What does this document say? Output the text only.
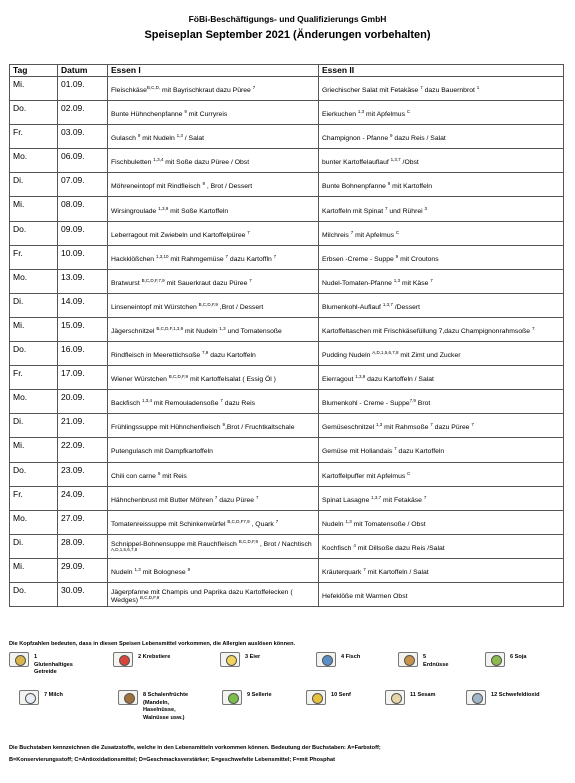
FöBi-Beschäftigungs- und Qualifizierungs GmbH
Speiseplan September 2021 (Änderungen vorbehalten)
Tag	Datum	Essen I	Essen II
Mi.	01.09.	Fleischkäse$^{B,C,D,}$ mit Bayrischkraut dazu Püree $^7$	Griechischer Salat mit Fetakäse $^7$ dazu Bauernbrot $^1$
Do.	02.09.	Bunte Hühnchenpfanne $^9$ mit Curryreis	Eierkuchen $^{1,3}$ mit Apfelmus $^C$
Fr.	03.09.	Gulasch $^9$ mit Nudeln $^{1,3}$ / Salat	Champignon - Pfanne $^9$ dazu Reis / Salat
Mo.	06.09.	Fischbuletten $^{1,3,4}$ mit Soße dazu Püree / Obst	bunter Kartoffelauflauf $^{1,3,7}$ /Obst
Di.	07.09.	Möhreneintopf mit Rindfleisch $^9$ , Brot / Dessert	Bunte Bohnenpfanne $^9$ mit Kartoffeln
Mi.	08.09.	Wirsingroulade $^{1,3,9}$ mit Soße Kartoffeln	Kartoffeln mit Spinat $^7$ und Rührei $^3$
Do.	09.09.	Leberragout mit Zwiebeln und Kartoffelpüree $^7$	Milchreis $^7$ mit Apfelmus $^C$
Fr.	10.09.	Hackklößchen $^{1,3,10}$ mit Rahmgemüse $^7$ dazu Kartoffln $^7$	Erbsen -Creme - Suppe $^9$ mit Croutons
Mo.	13.09.	Bratwurst $^{B,C,D,F,7,9}$ mit Sauerkraut dazu Püree $^7$	Nudel-Tomaten-Pfanne $^{1,3}$ mit Käse $^7$
Di.	14.09.	Linseneintopf mit Würstchen $^{B,C,D,F,9}$ ,Brot / Dessert	Blumenkohl-Auflauf $^{1,3,7}$ /Dessert
Mi.	15.09.	Jägerschnitzel $^{B,C,D,F,1,3,9}$ mit Nudeln $^{1,3}$ und Tomatensoße	Kartoffeltaschen mit Frischkäsefüllung 7,dazu Champignonrahmsoße $^7$
Do.	16.09.	Rindfleisch in Meerettichsoße $^{7,9}$ dazu Kartoffeln	Pudding Nudeln $^{A,D,1,5,6,7,8}$ mit Zimt und Zucker
Fr.	17.09.	Wiener Würstchen $^{B,C,D,F,9}$ mit Kartoffelsalat ( Essig Öl )	Eierragout $^{1,3,9}$ dazu Kartoffeln / Salat
Mo.	20.09.	Backfisch $^{1,3,4}$ mit Remouladensoße $^7$ dazu Reis	Blumenkohl - Creme - Suppe$^{7,9}$ Brot
Di.	21.09.	Frühlingssuppe mit Hühnchenfleisch $^9$,Brot / Fruchtkaltschale	Gemüseschnitzel $^{1,3}$ mit Rahmsoße $^7$ dazu Püree $^7$
Mi.	22.09.	Putengulasch mit Dampfkartoffeln	Gemüse mit Hollandais $^7$ dazu Kartoffeln
Do.	23.09.	Chili con carne $^9$ mit Reis	Kartoffelpuffer mit Apfelmus $^C$
Fr.	24.09.	Hähnchenbrust mit Butter Möhren $^7$ dazu Püree $^7$	Spinat Lasagne $^{1,3,7}$ mit Fetakäse $^7$
Mo.	27.09.	Tomatenreissuppe mit Schinkenwürfel $^{B,C,D,F7,9}$ , Quark $^7$	Nudeln $^{1,3}$ mit Tomatensoße / Obst
Di.	28.09.	Schnippel-Bohnensuppe mit Rauchfleisch $^{B,C,D,F,9}$ , Brot / Nachtisch $^{A,D,1,5,6,7,8}$	Kochfisch $^4$ mit Dillsoße dazu Reis /Salat
Mi.	29.09.	Nudeln $^{1,3}$ mit Bolognese $^9$	Kräuterquark $^7$ mit Kartoffeln / Salat
Do.	30.09.	Jägerpfanne mit Champis und Paprika dazu Kartoffelecken ( Wedges) $^{B,C,D,F,9}$	Hefeklöße mit Warmen Obst
Die Kopfzahlen bedeuten, dass in diesen Speisen Lebensmittel vorkommen, die Allergien auslösen können.
1 Glutenhaltiges Getreide
2 Krebstiere	3 Eier	4 Fisch	5 Erdnüsse
6 Soja
7 Milch	8 Schalenfrüchte (Mandeln, Haselnüsse, Walnüsse usw.)
9 Sellerie	10 Senf	11 Sesam	12 Schwefeldioxid
Die Buchstaben kennzeichnen die Zusatzstoffe, welche in den Lebensmitteln vorkommen können. Bedeutung der Buchstaben: A=Farbstoff;
B=Konservierungsstoff; C=Antioxidationsmittel; D=Geschmacksverstärker; E=geschwefelte Lebensmittel; F=mit Phosphat
